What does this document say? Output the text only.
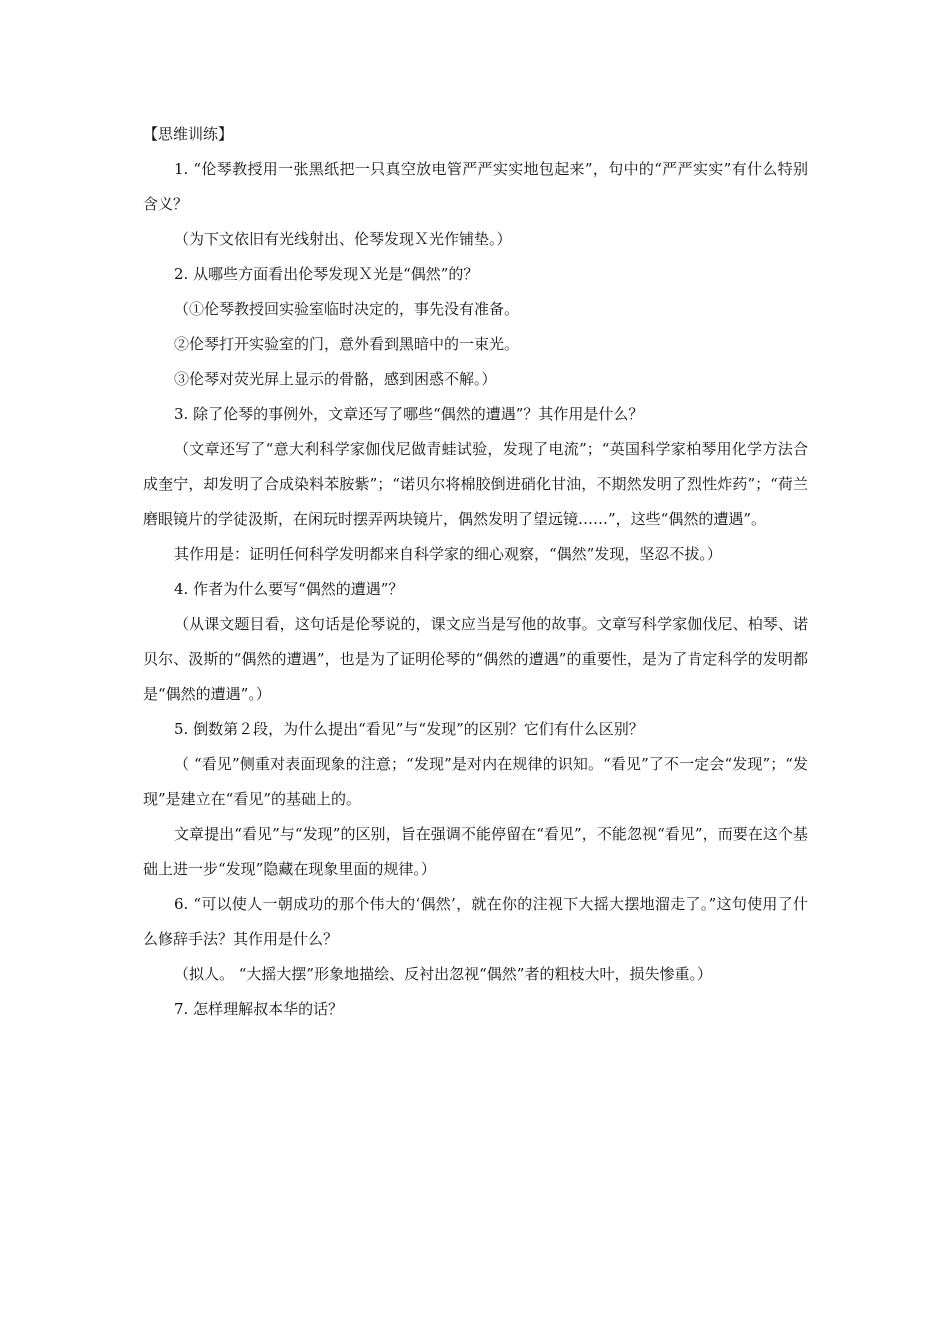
【思维训练】

1. “伦琴教授用一张黑纸把一只真空放电管严严实实地包起来”，句中的“严严实实”有什么特别含义？

（为下文依旧有光线射出、伦琴发现Ｘ光作铺垫。）

2. 从哪些方面看出伦琴发现Ｘ光是“偶然”的？

（①伦琴教授回实验室临时决定的，事先没有准备。

②伦琴打开实验室的门，意外看到黑暗中的一束光。

③伦琴对荧光屏上显示的骨骼，感到困惑不解。）

3. 除了伦琴的事例外，文章还写了哪些“偶然的遭遇”？其作用是什么？

（文章还写了“意大利科学家伽伐尼做青蛙试验，发现了电流”；“英国科学家柏琴用化学方法合成奎宁，却发明了合成染料苯胺紫”；“诺贝尔将棉胶倒进硝化甘油，不期然发明了烈性炸药”；“荷兰磨眼镜片的学徒汲斯，在闲玩时摆弄两块镜片，偶然发明了望远镜……”，这些“偶然的遭遇”。

其作用是：证明任何科学发明都来自科学家的细心观察，“偶然”发现，坚忍不拔。）

4. 作者为什么要写“偶然的遭遇”？

（从课文题目看，这句话是伦琴说的，课文应当是写他的故事。文章写科学家伽伐尼、柏琴、诺贝尔、汲斯的“偶然的遭遇”，也是为了证明伦琴的“偶然的遭遇”的重要性，是为了肯定科学的发明都是“偶然的遭遇”。）

5. 倒数第２段，为什么提出“看见”与“发现”的区别？它们有什么区别？

（ “看见”侧重对表面现象的注意；“发现”是对内在规律的识知。“看见”了不一定会“发现”；“发现”是建立在“看见”的基础上的。

文章提出“看见”与“发现”的区别，旨在强调不能停留在“看见”，不能忽视“看见”，而要在这个基础上进一步“发现”隐藏在现象里面的规律。）

6. “可以使人一朝成功的那个伟大的‘偶然’，就在你的注视下大摇大摆地溜走了。”这句使用了什么修辞手法？其作用是什么？

（拟人。 “大摇大摆”形象地描绘、反衬出忽视“偶然”者的粗枝大叶，损失惨重。）

7. 怎样理解叔本华的话？
